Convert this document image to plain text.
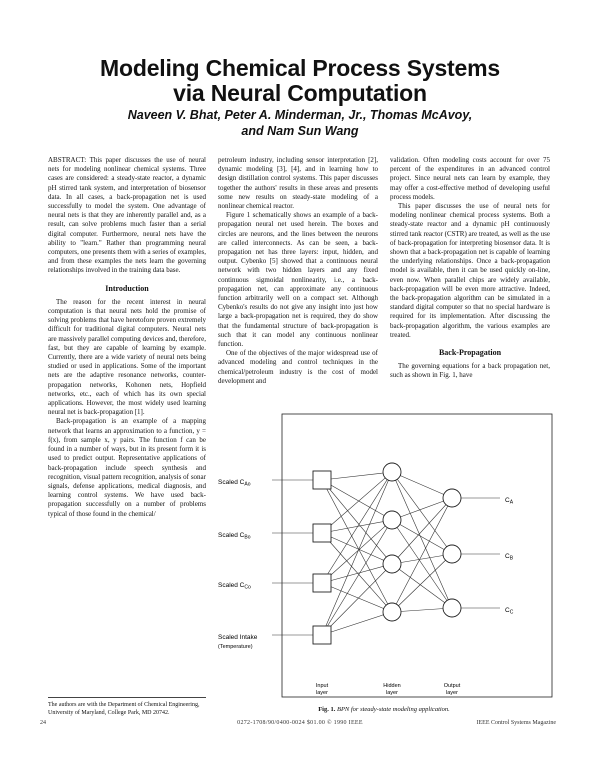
Modeling Chemical Process Systems
via Neural Computation
Naveen V. Bhat, Peter A. Minderman, Jr., Thomas McAvoy,
and Nam Sun Wang

ABSTRACT: This paper discusses the use of neural nets for modeling nonlinear chemical systems. Three cases are considered: a steady-state reactor, a dynamic pH stirred tank system, and interpretation of biosensor data. In all cases, a back-propagation net is used successfully to model the system. One advantage of neural nets is that they are inherently parallel and, as a result, can solve problems much faster than a serial digital computer. Furthermore, neural nets have the ability to "learn." Rather than programming neural computers, one presents them with a series of examples, and from these examples the nets learn the governing relationships involved in the training data base.

Introduction

The reason for the recent interest in neural computation is that neural nets hold the promise of solving problems that have heretofore proven extremely difficult for traditional digital computers. Neural nets are massively parallel computing devices and, therefore, fast, but they are capable of learning by example. Currently, there are a wide variety of neural nets being studied or used in applications. Some of the important nets are the adaptive resonance networks, counter-propagation networks, Kohonen nets, Hopfield networks, etc., each of which has its own special applications. However, the most widely used learning neural net is back-propagation [1].

Back-propagation is an example of a mapping network that learns an approximation to a function, y = f(x), from sample x, y pairs. The function f can be found in a number of ways, but in its present form it is used to predict output. Representative applications of back-propagation include speech synthesis and recognition, visual pattern recognition, analysis of sonar signals, defense applications, medical diagnosis, and learning control systems. We have used back-propagation successfully on a number of problems typical of those found in the chemical/

petroleum industry, including sensor interpretation [2], dynamic modeling [3], [4], and in learning how to design distillation control systems. This paper discusses together the authors' results in these areas and presents some new results on steady-state modeling of a nonlinear chemical reactor.

Figure 1 schematically shows an example of a back-propagation neural net used herein. The boxes and circles are neurons, and the lines between the neurons are called interconnects. As can be seen, a back-propagation net has three layers: input, hidden, and output. Cybenko [5] showed that a continuous neural network with two hidden layers and any fixed continuous sigmoidal nonlinearity, i.e., a back-propagation net, can approximate any continuous function arbitrarily well on a compact set. Although Cybenko's results do not give any insight into just how large a back-propagation net is required, they do show that the fundamental structure of back-propagation is such that it can model any continuous nonlinear function.

One of the objectives of the major widespread use of advanced modeling and control techniques in the chemical/petroleum industry is the cost of model development and

validation. Often modeling costs account for over 75 percent of the expenditures in an advanced control project. Since neural nets can learn by example, they may offer a cost-effective method of developing useful process models.

This paper discusses the use of neural nets for modeling nonlinear chemical process systems. Both a steady-state reactor and a dynamic pH continuously stirred tank reactor (CSTR) are treated, as well as the use of back-propagation for interpreting biosensor data. It is shown that a back-propagation net is capable of learning the underlying relationships. Once a back-propagation model is available, then it can be used quickly on-line, even now. When parallel chips are widely available, back-propagation will be even more attractive. Indeed, the back-propagation algorithm can be simulated in a standard digital computer so that no special hardware is required for its implementation. After discussing the back-propagation algorithm, the various examples are treated.

Back-Propagation

The governing equations for a back propagation net, such as shown in Fig. 1, have

Scaled $C_{Ao}$
Scaled $C_{Bo}$
Scaled $C_{Co}$
Scaled Intake
(Temperature)
$C_A$
$C_B$
$C_C$
Input layer
Hidden layer
Output layer
Fig. 1. BPN for steady-state modeling application.
The authors are with the Department of Chemical Engineering, University of Maryland, College Park, MD 20742.
24	0272-1708/90/0400-0024 $01.00 © 1990 IEEE	IEEE Control Systems Magazine
